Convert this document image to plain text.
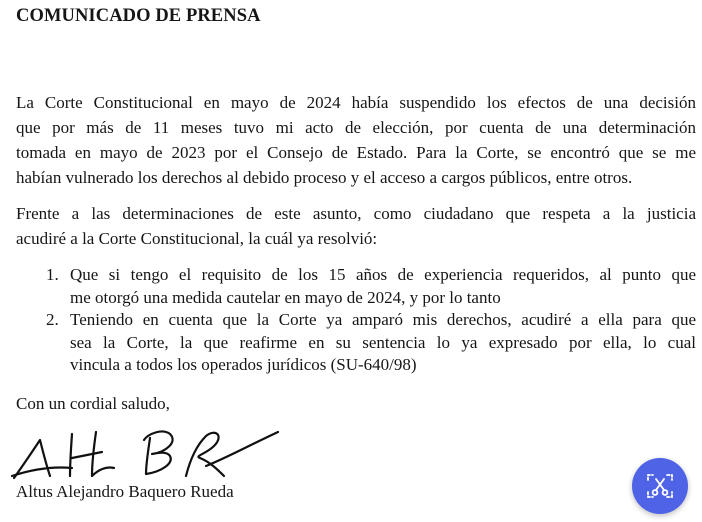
COMUNICADO DE PRENSA

La Corte Constitucional en mayo de 2024 había suspendido los efectos de una decisión
que por más de 11 meses tuvo mi acto de elección, por cuenta de una determinación
tomada en mayo de 2023 por el Consejo de Estado. Para la Corte, se encontró que se me
habían vulnerado los derechos al debido proceso y el acceso a cargos públicos, entre otros.

Frente a las determinaciones de este asunto, como ciudadano que respeta a la justicia
acudiré a la Corte Constitucional, la cuál ya resolvió:

1. Que si tengo el requisito de los 15 años de experiencia requeridos, al punto que
me otorgó una medida cautelar en mayo de 2024, y por lo tanto
2. Teniendo en cuenta que la Corte ya amparó mis derechos, acudiré a ella para que
sea la Corte, la que reafirme en su sentencia lo ya expresado por ella, lo cual
vincula a todos los operados jurídicos (SU-640/98)
Con un cordial saludo,
Altus Alejandro Baquero Rueda
